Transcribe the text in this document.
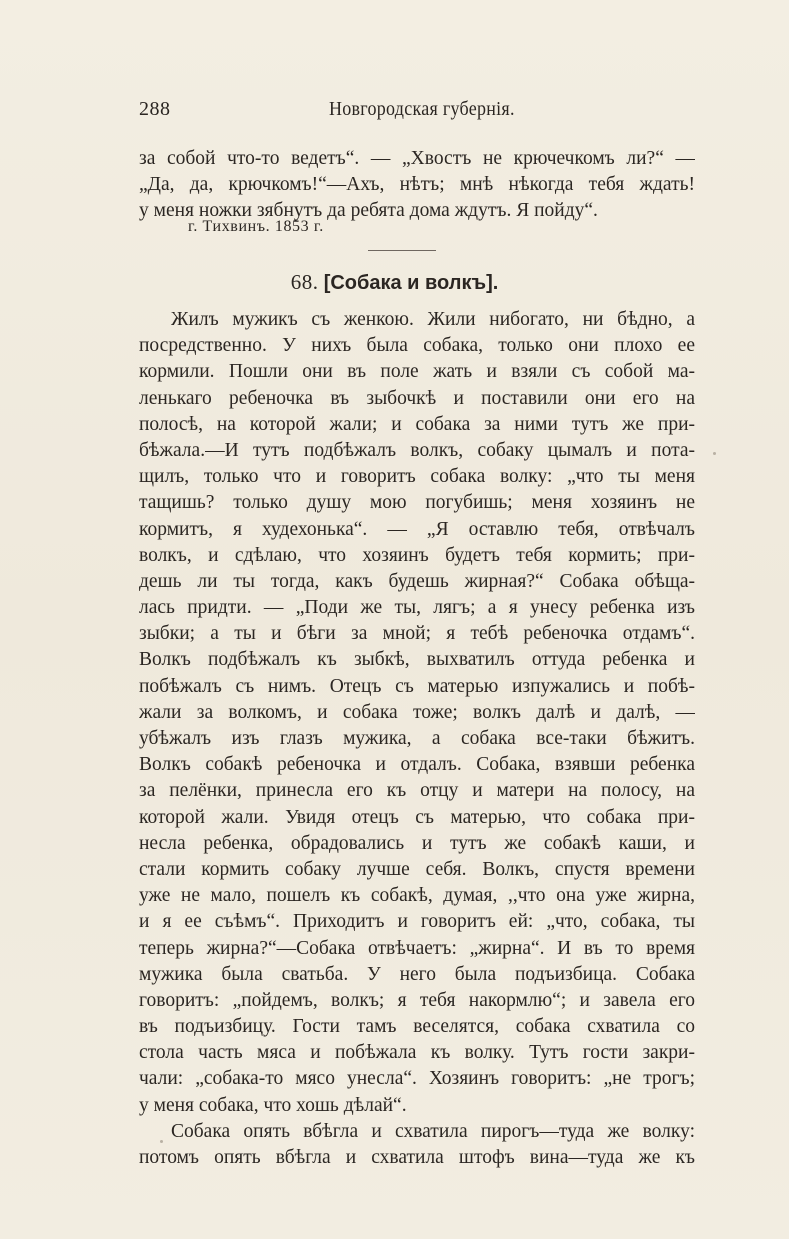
288	Новгородская губернія.
за собой что-то ведетъ“. — „Хвостъ не крючечкомъ ли?“ —
„Да, да, крючкомъ!“—Ахъ, нѣтъ; мнѣ нѣкогда тебя ждать!
у меня ножки зябнутъ да ребята дома ждутъ. Я пойду“.
г. Тихвинъ. 1853 г.
68. [Собака и волкъ].
Жилъ мужикъ съ женкою. Жили нибогато, ни бѣдно, а
посредственно. У нихъ была собака, только они плохо ее
кормили. Пошли они въ поле жать и взяли съ собой ма-
ленькаго ребеночка въ зыбочкѣ и поставили они его на
полосѣ, на которой жали; и собака за ними тутъ же при-
бѣжала.—И тутъ подбѣжалъ волкъ, собаку цымалъ и пота-
щилъ, только что и говоритъ собака волку: „что ты меня
тащишь? только душу мою погубишь; меня хозяинъ не
кормитъ, я худехонька“. — „Я оставлю тебя, отвѣчалъ
волкъ, и сдѣлаю, что хозяинъ будетъ тебя кормить; при-
дешь ли ты тогда, какъ будешь жирная?“ Собака обѣща-
лась придти. — „Поди же ты, лягъ; а я унесу ребенка изъ
зыбки; а ты и бѣги за мной; я тебѣ ребеночка отдамъ“.
Волкъ подбѣжалъ къ зыбкѣ, выхватилъ оттуда ребенка и
побѣжалъ съ нимъ. Отецъ съ матерью изпужались и побѣ-
жали за волкомъ, и собака тоже; волкъ далѣ и далѣ, —
убѣжалъ изъ глазъ мужика, а собака все-таки бѣжитъ.
Волкъ собакѣ ребеночка и отдалъ. Собака, взявши ребенка
за пелёнки, принесла его къ отцу и матери на полосу, на
которой жали. Увидя отецъ съ матерью, что собака при-
несла ребенка, обрадовались и тутъ же собакѣ каши, и
стали кормить собаку лучше себя. Волкъ, спустя времени
уже не мало, пошелъ къ собакѣ, думая, ,,что она уже жирна,
и я ее съѣмъ“. Приходитъ и говоритъ ей: „что, собака, ты
теперь жирна?“—Собака отвѣчаетъ: „жирна“. И въ то время
мужика была сватьба. У него была подъизбица. Собака
говоритъ: „пойдемъ, волкъ; я тебя накормлю“; и завела его
въ подъизбицу. Гости тамъ веселятся, собака схватила со
стола часть мяса и побѣжала къ волку. Тутъ гости закри-
чали: „собака-то мясо унесла“. Хозяинъ говоритъ: „не трогъ;
у меня собака, что хошь дѣлай“.
Собака опять вбѣгла и схватила пирогъ—туда же волку:
потомъ опять вбѣгла и схватила штофъ вина—туда же къ
